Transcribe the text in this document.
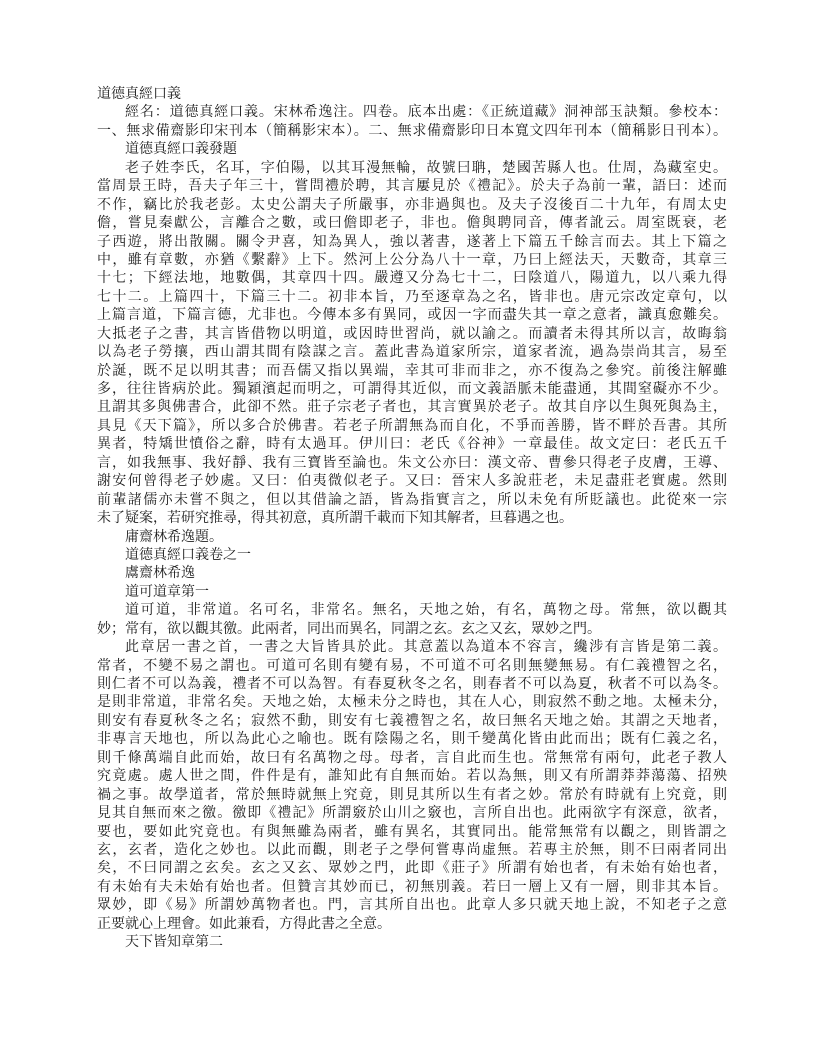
道德真經口義
經名：道德真經口義。宋林希逸注。四卷。底本出處：《正統道藏》洞神部玉訣類。參校本：
一、無求備齋影印宋刊本（簡稱影宋本）。二、無求備齋影印日本寬文四年刊本（簡稱影日刊本）。
道德真經口義發題
老子姓李氏，名耳，字伯陽，以其耳漫無輪，故號曰聃，楚國苦縣人也。仕周，為藏室史。
當周景王時，吾夫子年三十，嘗問禮於聘，其言屢見於《禮記》。於夫子為前一輩，語曰：述而
不作，竊比於我老彭。太史公謂夫子所嚴事，亦非過與也。及夫子沒後百二十九年，有周太史
儋，嘗見秦獻公，言離合之數，或曰儋即老子，非也。儋與聘同音，傳者訛云。周室既衰，老
子西遊，將出散關。關令尹喜，知為異人，強以著書，遂著上下篇五千餘言而去。其上下篇之
中，雖有章數，亦猶《繫辭》上下。然河上公分為八十一章，乃曰上經法天，天數奇，其章三
十七；下經法地，地數偶，其章四十四。嚴遵又分為七十二，曰陰道八，陽道九，以八乘九得
七十二。上篇四十，下篇三十二。初非本旨，乃至逐章為之名，皆非也。唐元宗改定章句，以
上篇言道，下篇言德，尤非也。今傳本多有異同，或因一字而盡失其一章之意者，識真愈難矣。
大抵老子之書，其言皆借物以明道，或因時世習尚，就以諭之。而讀者未得其所以言，故晦翁
以為老子勞攘，西山謂其間有陰謀之言。蓋此書為道家所宗，道家者流，過為崇尚其言，易至
於誕，既不足以明其書；而吾儒又指以異端，幸其可非而非之，亦不復為之參究。前後注解雖
多，往往皆病於此。獨穎濱起而明之，可謂得其近似，而文義語脈未能盡通，其間窒礙亦不少。
且謂其多與佛書合，此卻不然。莊子宗老子者也，其言實異於老子。故其自序以生與死與為主，
具見《天下篇》，所以多合於佛書。若老子所謂無為而自化，不爭而善勝，皆不畔於吾書。其所
異者，特矯世憤俗之辭，時有太過耳。伊川曰：老氏《谷神》一章最佳。故文定曰：老氏五千
言，如我無事、我好靜、我有三寶皆至論也。朱文公亦曰：漢文帝、曹參只得老子皮膚，王導、
謝安何曾得老子妙處。又曰：伯夷微似老子。又曰：晉宋人多說莊老，未足盡莊老實處。然則
前輩諸儒亦未嘗不與之，但以其借論之語，皆為指實言之，所以未免有所貶議也。此從來一宗
未了疑案，若研究推尋，得其初意，真所謂千載而下知其解者，旦暮遇之也。
庸齋林希逸題。
道德真經口義卷之一
鬳齋林希逸
道可道章第一
道可道，非常道。名可名，非常名。無名，天地之始，有名，萬物之母。常無，欲以觀其
妙；常有，欲以觀其徼。此兩者，同出而異名，同謂之玄。玄之又玄，眾妙之門。
此章居一書之首，一書之大旨皆具於此。其意蓋以為道本不容言，纔涉有言皆是第二義。
常者，不變不易之謂也。可道可名則有變有易，不可道不可名則無變無易。有仁義禮智之名，
則仁者不可以為義，禮者不可以為智。有春夏秋冬之名，則春者不可以為夏，秋者不可以為冬。
是則非常道，非常名矣。天地之始，太極未分之時也，其在人心，則寂然不動之地。太極未分，
則安有春夏秋冬之名；寂然不動，則安有七義禮智之名，故曰無名天地之始。其謂之天地者，
非專言天地也，所以為此心之喻也。既有陰陽之名，則千變萬化皆由此而出；既有仁義之名，
則千條萬端自此而始，故曰有名萬物之母。母者，言自此而生也。常無常有兩句，此老子教人
究竟處。處人世之間，件件是有，誰知此有自無而始。若以為無，則又有所謂莽莽蕩蕩、招殃
禍之事。故學道者，常於無時就無上究竟，則見其所以生有者之妙。常於有時就有上究竟，則
見其自無而來之徼。徼即《禮記》所謂竅於山川之竅也，言所自出也。此兩欲字有深意，欲者，
要也，要如此究竟也。有與無雖為兩者，雖有異名，其實同出。能常無常有以觀之，則皆謂之
玄，玄者，造化之妙也。以此而觀，則老子之學何嘗專尚虛無。若專主於無，則不曰兩者同出
矣，不曰同謂之玄矣。玄之又玄、眾妙之門，此即《莊子》所謂有始也者，有未始有始也者，
有未始有夫未始有始也者。但贊言其妙而已，初無別義。若曰一層上又有一層，則非其本旨。
眾妙，即《易》所謂妙萬物者也。門，言其所自出也。此章人多只就天地上說，不知老子之意
正要就心上理會。如此兼看，方得此書之全意。
天下皆知章第二
